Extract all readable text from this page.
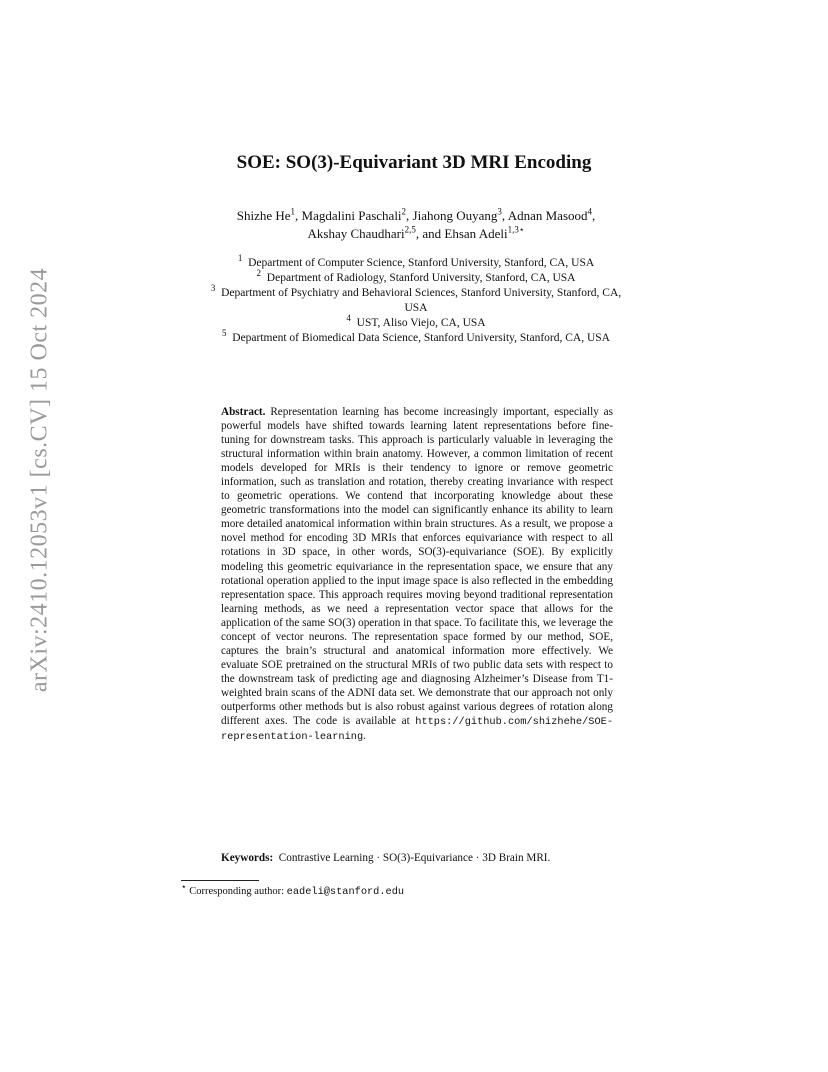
arXiv:2410.12053v1 [cs.CV] 15 Oct 2024
SOE: SO(3)-Equivariant 3D MRI Encoding
Shizhe He$^1$, Magdalini Paschali$^2$, Jiahong Ouyang$^3$, Adnan Masood$^4$,
Akshay Chaudhari$^{2,5}$, and Ehsan Adeli$^{1,3⋆}$
$^1$ Department of Computer Science, Stanford University, Stanford, CA, USA
$^2$ Department of Radiology, Stanford University, Stanford, CA, USA
$^3$ Department of Psychiatry and Behavioral Sciences, Stanford University, Stanford, CA, USA
$^4$ UST, Aliso Viejo, CA, USA
$^5$ Department of Biomedical Data Science, Stanford University, Stanford, CA, USA
Abstract. Representation learning has become increasingly important, especially as powerful models have shifted towards learning latent representations before fine-tuning for downstream tasks. This approach is particularly valuable in leveraging the structural information within brain anatomy. However, a common limitation of recent models developed for MRIs is their tendency to ignore or remove geometric information, such as translation and rotation, thereby creating invariance with respect to geometric operations. We contend that incorporating knowledge about these geometric transformations into the model can significantly enhance its ability to learn more detailed anatomical information within brain structures. As a result, we propose a novel method for encoding 3D MRIs that enforces equivariance with respect to all rotations in 3D space, in other words, SO(3)-equivariance (SOE). By explicitly modeling this geometric equivariance in the representation space, we ensure that any rotational operation applied to the input image space is also reflected in the embedding representation space. This approach requires moving beyond traditional representation learning methods, as we need a representation vector space that allows for the application of the same SO(3) operation in that space. To facilitate this, we leverage the concept of vector neurons. The representation space formed by our method, SOE, captures the brain’s structural and anatomical information more effectively. We evaluate SOE pretrained on the structural MRIs of two public data sets with respect to the downstream task of predicting age and diagnosing Alzheimer’s Disease from T1-weighted brain scans of the ADNI data set. We demonstrate that our approach not only outperforms other methods but is also robust against various degrees of rotation along different axes. The code is available at https://github.com/shizhehe/SOE-representation-learning.
Keywords: Contrastive Learning · SO(3)-Equivariance · 3D Brain MRI.
⋆ Corresponding author: eadeli@stanford.edu
